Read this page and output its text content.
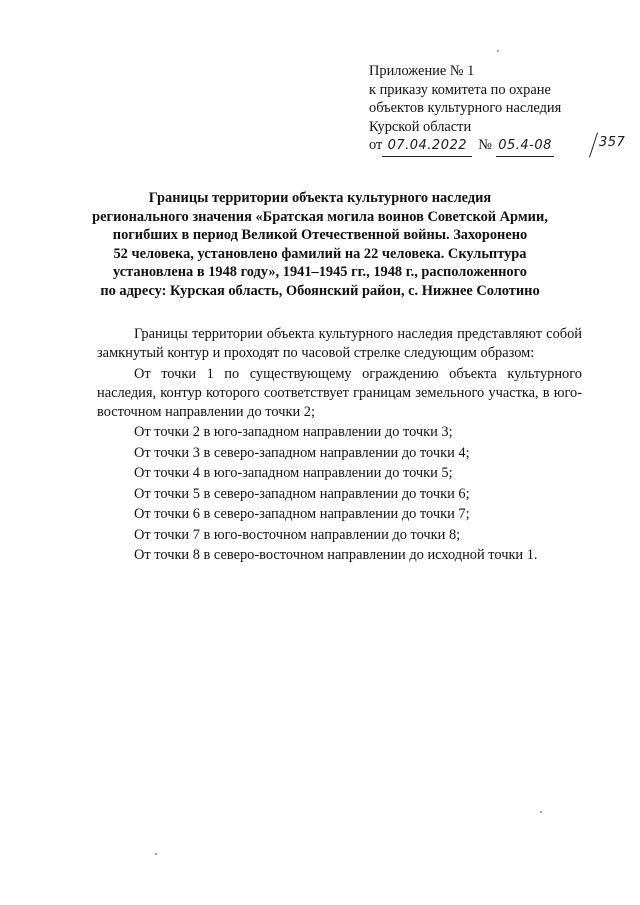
Приложение № 1
к приказу комитета по охране
объектов культурного наследия
Курской области
от 07.04.2022 № 05.4-08	357
Границы территории объекта культурного наследия
регионального значения «Братская могила воинов Советской Армии,
погибших в период Великой Отечественной войны. Захоронено
52 человека, установлено фамилий на 22 человека. Скульптура
установлена в 1948 году», 1941–1945 гг., 1948 г., расположенного
по адресу: Курская область, Обоянский район, с. Нижнее Солотино

Границы территории объекта культурного наследия представляют собой замкнутый контур и проходят по часовой стрелке следующим образом:

От точки 1 по существующему ограждению объекта культурного наследия, контур которого соответствует границам земельного участка, в юго-восточном направлении до точки 2;

От точки 2 в юго-западном направлении до точки 3;

От точки 3 в северо-западном направлении до точки 4;

От точки 4 в юго-западном направлении до точки 5;

От точки 5 в северо-западном направлении до точки 6;

От точки 6 в северо-западном направлении до точки 7;

От точки 7 в юго-восточном направлении до точки 8;

От точки 8 в северо-восточном направлении до исходной точки 1.
